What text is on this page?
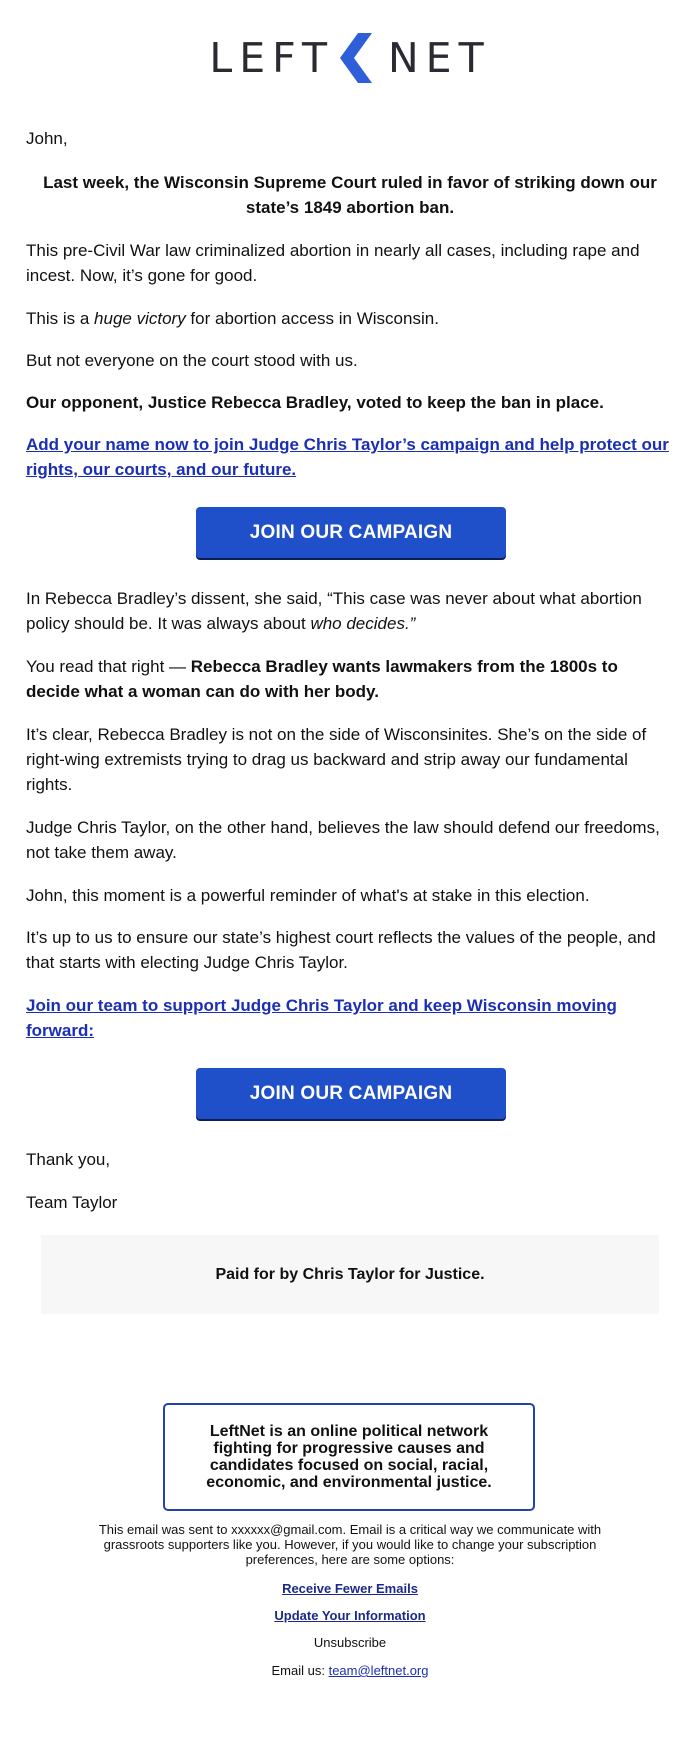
LEFT NET

John,

Last week, the Wisconsin Supreme Court ruled in favor of striking down our state’s 1849 abortion ban.

This pre-Civil War law criminalized abortion in nearly all cases, including rape and incest. Now, it’s gone for good.

This is a huge victory for abortion access in Wisconsin.

But not everyone on the court stood with us.

Our opponent, Justice Rebecca Bradley, voted to keep the ban in place.

Add your name now to join Judge Chris Taylor’s campaign and help protect our rights, our courts, and our future.
JOIN OUR CAMPAIGN

In Rebecca Bradley’s dissent, she said, “This case was never about what abortion policy should be. It was always about who decides.”

You read that right — Rebecca Bradley wants lawmakers from the 1800s to decide what a woman can do with her body.

It’s clear, Rebecca Bradley is not on the side of Wisconsinites. She’s on the side of right-wing extremists trying to drag us backward and strip away our fundamental rights.

Judge Chris Taylor, on the other hand, believes the law should defend our freedoms, not take them away.

John, this moment is a powerful reminder of what's at stake in this election.

It’s up to us to ensure our state’s highest court reflects the values of the people, and that starts with electing Judge Chris Taylor.

Join our team to support Judge Chris Taylor and keep Wisconsin moving forward:
JOIN OUR CAMPAIGN

Thank you,

Team Taylor

Paid for by Chris Taylor for Justice.
LeftNet is an online political network fighting for progressive causes and candidates focused on social, racial, economic, and environmental justice.
This email was sent to xxxxxx@gmail.com. Email is a critical way we communicate with grassroots supporters like you. However, if you would like to change your subscription preferences, here are some options:
Receive Fewer Emails
Update Your Information
Unsubscribe
Email us: team@leftnet.org
